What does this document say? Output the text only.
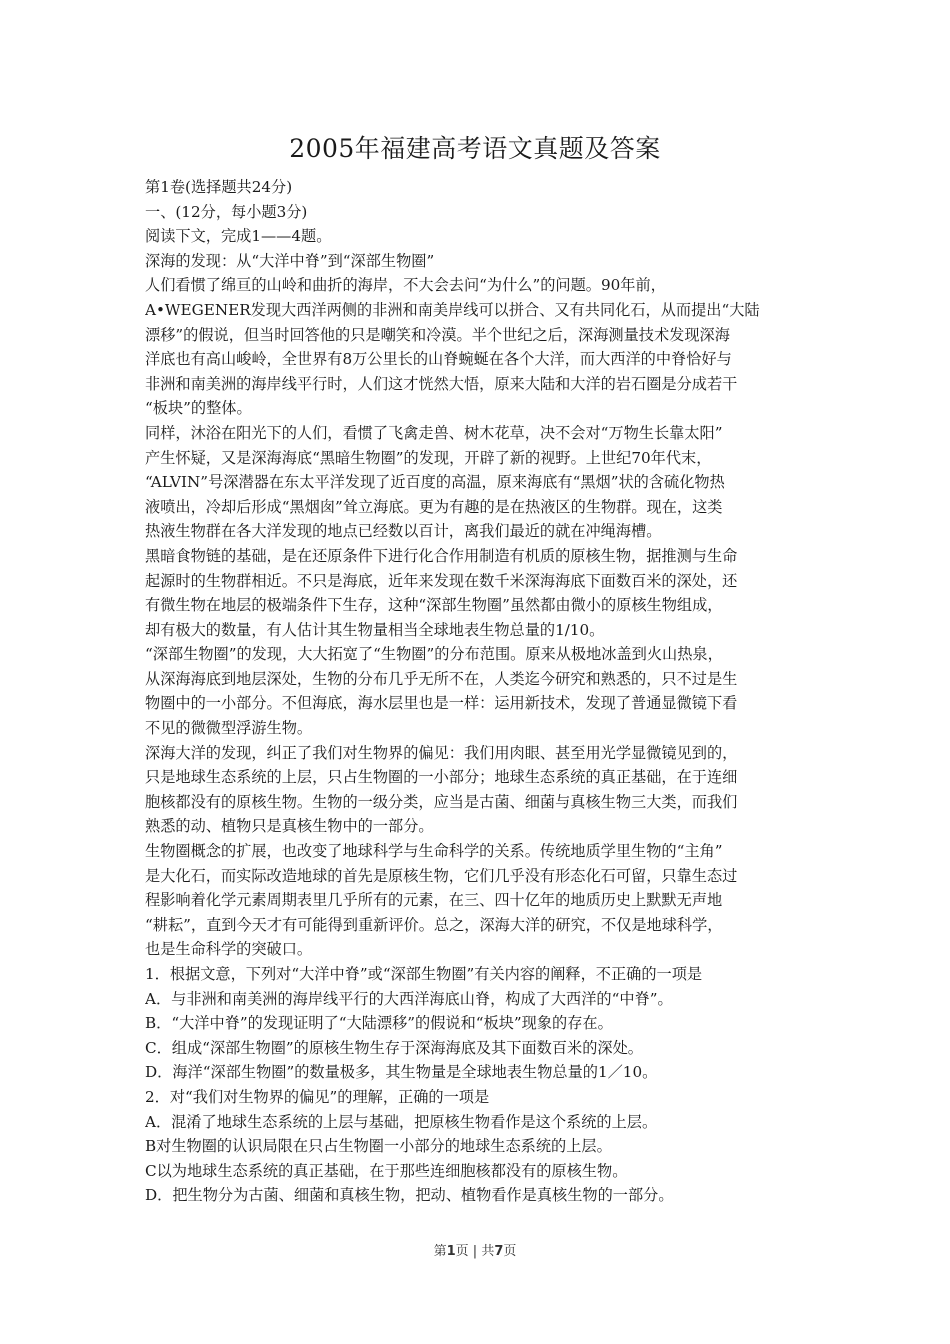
2005年福建高考语文真题及答案
第1卷(选择题共24分)
一、(12分，每小题3分)
阅读下文，完成1——4题。
深海的发现：从“大洋中脊”到“深部生物圈”
人们看惯了绵亘的山岭和曲折的海岸，不大会去问“为什么”的问题。90年前，
A•WEGENER发现大西洋两侧的非洲和南美岸线可以拼合、又有共同化石，从而提出“大陆
漂移”的假说，但当时回答他的只是嘲笑和冷漠。半个世纪之后，深海测量技术发现深海
洋底也有高山峻岭，全世界有8万公里长的山脊蜿蜒在各个大洋，而大西洋的中脊恰好与
非洲和南美洲的海岸线平行时，人们这才恍然大悟，原来大陆和大洋的岩石圈是分成若干
“板块”的整体。
同样，沐浴在阳光下的人们，看惯了飞禽走兽、树木花草，决不会对“万物生长靠太阳”
产生怀疑，又是深海海底“黑暗生物圈”的发现，开辟了新的视野。上世纪70年代末，
“ALVIN”号深潜器在东太平洋发现了近百度的高温，原来海底有“黑烟”状的含硫化物热
液喷出，冷却后形成“黑烟囱”耸立海底。更为有趣的是在热液区的生物群。现在，这类
热液生物群在各大洋发现的地点已经数以百计，离我们最近的就在冲绳海槽。
黑暗食物链的基础，是在还原条件下进行化合作用制造有机质的原核生物，据推测与生命
起源时的生物群相近。不只是海底，近年来发现在数千米深海海底下面数百米的深处，还
有微生物在地层的极端条件下生存，这种“深部生物圈”虽然都由微小的原核生物组成，
却有极大的数量，有人估计其生物量相当全球地表生物总量的1/10。
“深部生物圈”的发现，大大拓宽了“生物圈”的分布范围。原来从极地冰盖到火山热泉，
从深海海底到地层深处，生物的分布几乎无所不在，人类迄今研究和熟悉的，只不过是生
物圈中的一小部分。不但海底，海水层里也是一样：运用新技术，发现了普通显微镜下看
不见的微微型浮游生物。
深海大洋的发现，纠正了我们对生物界的偏见：我们用肉眼、甚至用光学显微镜见到的，
只是地球生态系统的上层，只占生物圈的一小部分；地球生态系统的真正基础，在于连细
胞核都没有的原核生物。生物的一级分类，应当是古菌、细菌与真核生物三大类，而我们
熟悉的动、植物只是真核生物中的一部分。
生物圈概念的扩展，也改变了地球科学与生命科学的关系。传统地质学里生物的“主角”
是大化石，而实际改造地球的首先是原核生物，它们几乎没有形态化石可留，只靠生态过
程影响着化学元素周期表里几乎所有的元素，在三、四十亿年的地质历史上默默无声地
“耕耘”，直到今天才有可能得到重新评价。总之，深海大洋的研究，不仅是地球科学，
也是生命科学的突破口。
1．根据文意，下列对“大洋中脊”或“深部生物圈”有关内容的阐释，不正确的一项是
A．与非洲和南美洲的海岸线平行的大西洋海底山脊，构成了大西洋的“中脊”。
B．“大洋中脊”的发现证明了“大陆漂移”的假说和“板块”现象的存在。
C．组成“深部生物圈”的原核生物生存于深海海底及其下面数百米的深处。
D．海洋“深部生物圈”的数量极多，其生物量是全球地表生物总量的1／10。
2．对“我们对生物界的偏见”的理解，正确的一项是
A．混淆了地球生态系统的上层与基础，把原核生物看作是这个系统的上层。
B对生物圈的认识局限在只占生物圈一小部分的地球生态系统的上层。
C以为地球生态系统的真正基础，在于那些连细胞核都没有的原核生物。
D．把生物分为古菌、细菌和真核生物，把动、植物看作是真核生物的一部分。
第1页 | 共7页
